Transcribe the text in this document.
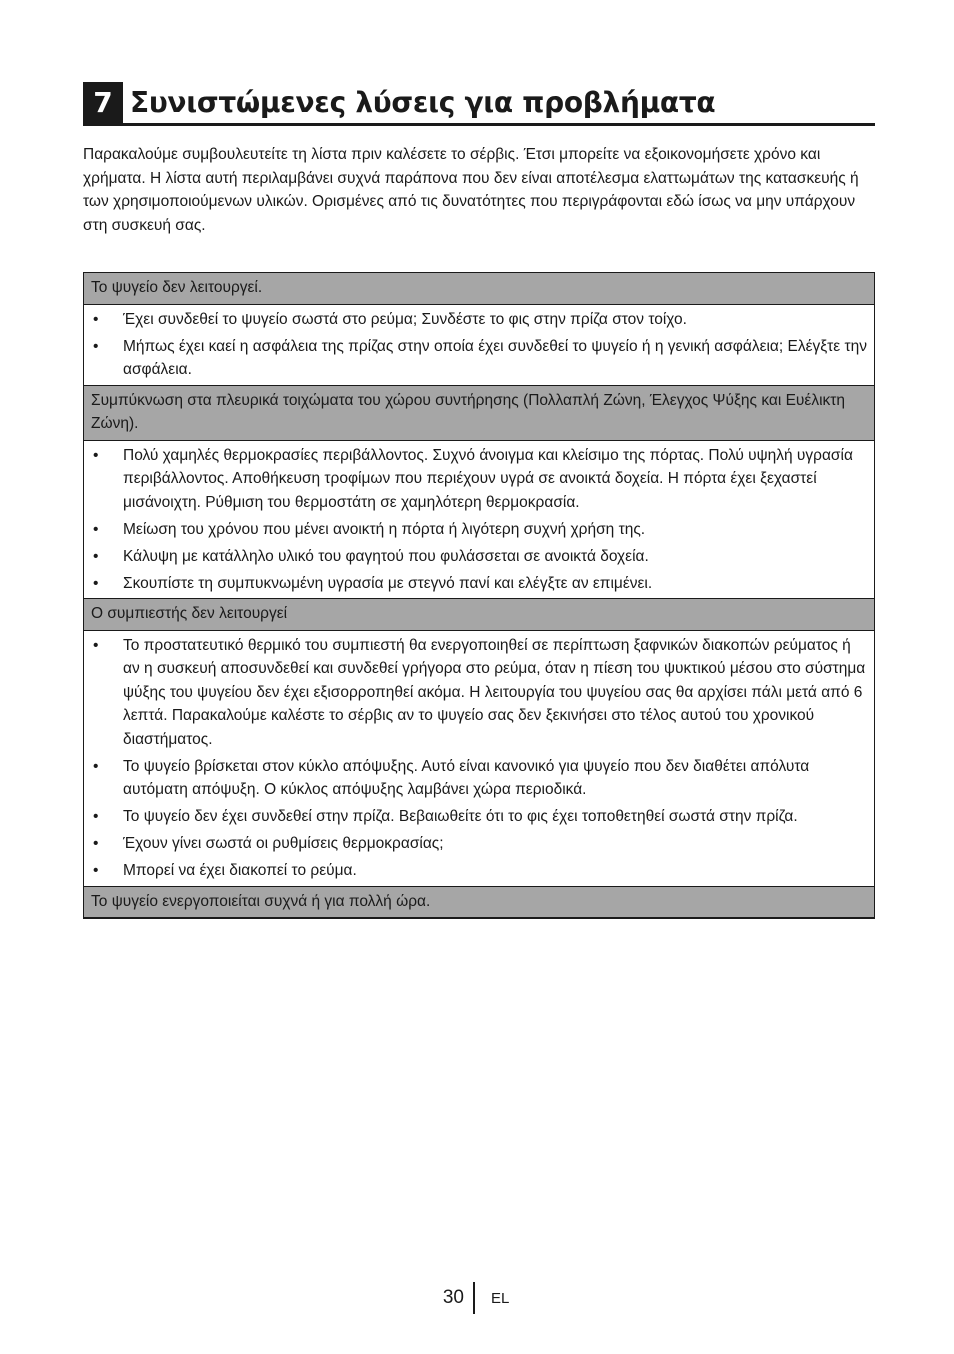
7 Συνιστώμενες λύσεις για προβλήματα

Παρακαλούμε συμβουλευτείτε τη λίστα πριν καλέσετε το σέρβις. Έτσι μπορείτε να εξοικονομήσετε χρόνο και χρήματα. Η λίστα αυτή περιλαμβάνει συχνά παράπονα που δεν είναι αποτέλεσμα ελαττωμάτων της κατασκευής ή των χρησιμοποιούμενων υλικών. Ορισμένες από τις δυνατότητες που περιγράφονται εδώ ίσως να μην υπάρχουν στη συσκευή σας.

Το ψυγείο δεν λειτουργεί.
•	Έχει συνδεθεί το ψυγείο σωστά στο ρεύμα; Συνδέστε το φις στην πρίζα στον τοίχο.
•	Μήπως έχει καεί η ασφάλεια της πρίζας στην οποία έχει συνδεθεί το ψυγείο ή η γενική ασφάλεια; Ελέγξτε την ασφάλεια.
Συμπύκνωση στα πλευρικά τοιχώματα του χώρου συντήρησης (Πολλαπλή Ζώνη, Έλεγχος Ψύξης και Ευέλικτη Ζώνη).
•	Πολύ χαμηλές θερμοκρασίες περιβάλλοντος. Συχνό άνοιγμα και κλείσιμο της πόρτας. Πολύ υψηλή υγρασία περιβάλλοντος. Αποθήκευση τροφίμων που περιέχουν υγρά σε ανοικτά δοχεία. Η πόρτα έχει ξεχαστεί μισάνοιχτη. Ρύθμιση του θερμοστάτη σε χαμηλότερη θερμοκρασία.
•	Μείωση του χρόνου που μένει ανοικτή η πόρτα ή λιγότερη συχνή χρήση της.
•	Κάλυψη με κατάλληλο υλικό του φαγητού που φυλάσσεται σε ανοικτά δοχεία.
•	Σκουπίστε τη συμπυκνωμένη υγρασία με στεγνό πανί και ελέγξτε αν επιμένει.
Ο συμπιεστής δεν λειτουργεί
•	Το προστατευτικό θερμικό του συμπιεστή θα ενεργοποιηθεί σε περίπτωση ξαφνικών διακοπών ρεύματος ή αν η συσκευή αποσυνδεθεί και συνδεθεί γρήγορα στο ρεύμα, όταν η πίεση του ψυκτικού μέσου στο σύστημα ψύξης του ψυγείου δεν έχει εξισορροπηθεί ακόμα. Η λειτουργία του ψυγείου σας θα αρχίσει πάλι μετά από 6 λεπτά. Παρακαλούμε καλέστε το σέρβις αν το ψυγείο σας δεν ξεκινήσει στο τέλος αυτού του χρονικού διαστήματος.
•	Το ψυγείο βρίσκεται στον κύκλο απόψυξης. Αυτό είναι κανονικό για ψυγείο που δεν διαθέτει απόλυτα αυτόματη απόψυξη. Ο κύκλος απόψυξης λαμβάνει χώρα περιοδικά.
•	Το ψυγείο δεν έχει συνδεθεί στην πρίζα. Βεβαιωθείτε ότι το φις έχει τοποθετηθεί σωστά στην πρίζα.
•	Έχουν γίνει σωστά οι ρυθμίσεις θερμοκρασίας;
•	Μπορεί να έχει διακοπεί το ρεύμα.
Το ψυγείο ενεργοποιείται συχνά ή για πολλή ώρα.
30 EL
